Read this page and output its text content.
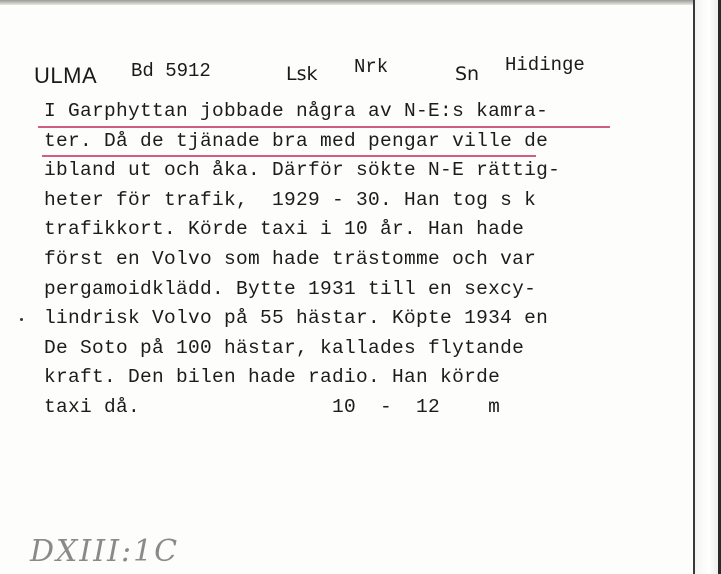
ULMA Bd 5912	Lsk Nrk	Sn Hidinge
I Garphyttan jobbade några av N-E:s kamra-
ter. Då de tjänade bra med pengar ville de
ibland ut och åka. Därför sökte N-E rättig-
heter för trafik,  1929 - 30. Han tog s k
trafikkort. Körde taxi i 10 år. Han hade
först en Volvo som hade trästomme och var
pergamoidklädd. Bytte 1931 till en sexcy-
lindrisk Volvo på 55 hästar. Köpte 1934 en
De Soto på 100 hästar, kallades flytande
kraft. Den bilen hade radio. Han körde
taxi då.                10  -  12    m
DXIII:1C
